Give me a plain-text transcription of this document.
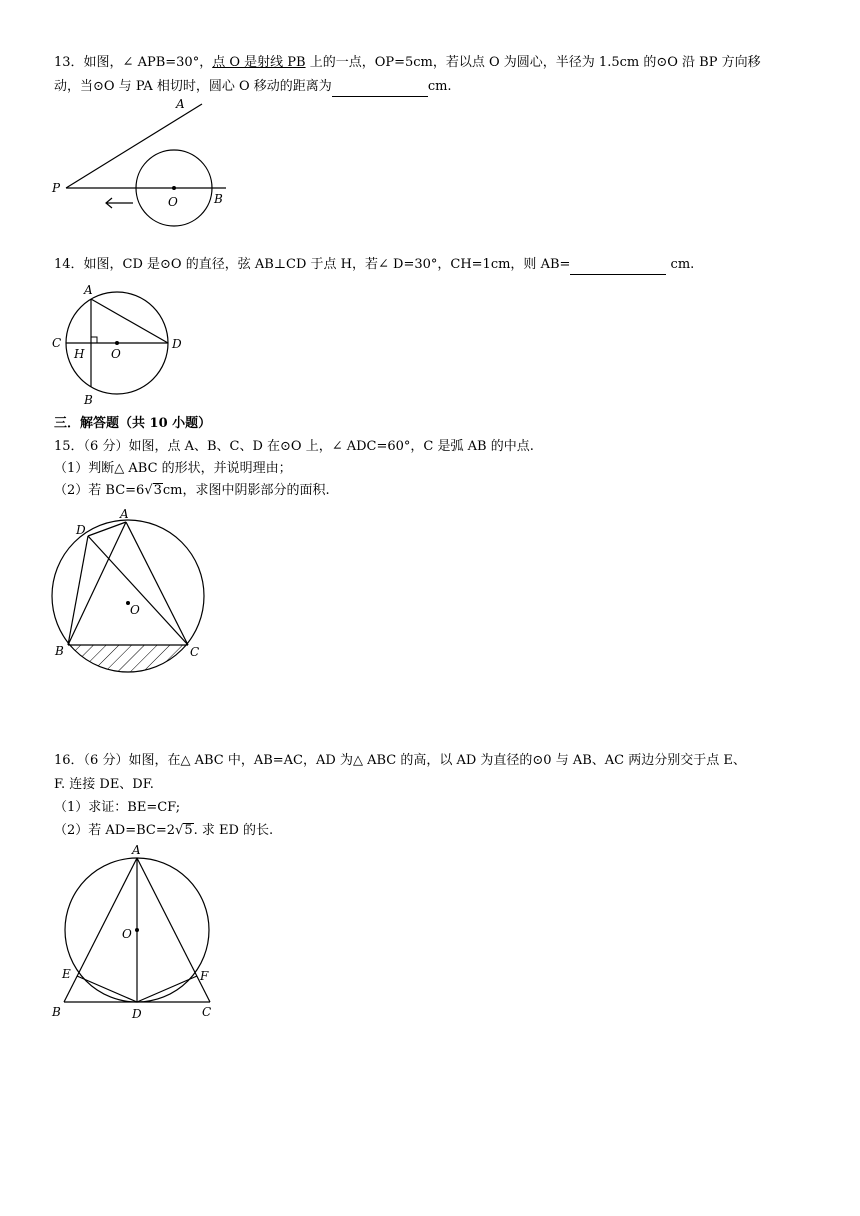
13．如图，∠ APB=30°，点 O 是射线 PB 上的一点，OP=5cm，若以点 O 为圆心，半径为 1.5cm 的⊙O 沿 BP 方向移
动，当⊙O 与 PA 相切时，圆心 O 移动的距离为	cm.
A
P
O	B
14．如图，CD 是⊙O 的直径，弦 AB⊥CD 于点 H，若∠ D=30°，CH=1cm，则 AB=	cm.
A
C
H O
D
B
三．解答题（共 10 小题）
15．（6 分）如图，点 A、B、C、D 在⊙O 上，∠ ADC=60°，C 是弧 AB 的中点.
（1）判断△ ABC 的形状，并说明理由；
（2）若 BC=6√3cm，求图中阴影部分的面积.
D
A
O
B	C
16．（6 分）如图，在△ ABC 中，AB=AC，AD 为△ ABC 的高，以 AD 为直径的⊙0 与 AB、AC 两边分别交于点 E、
F. 连接 DE、DF.
（1）求证：BE=CF;
（2）若 AD=BC=2√5. 求 ED 的长.
A
O
E	F
B	D	C
